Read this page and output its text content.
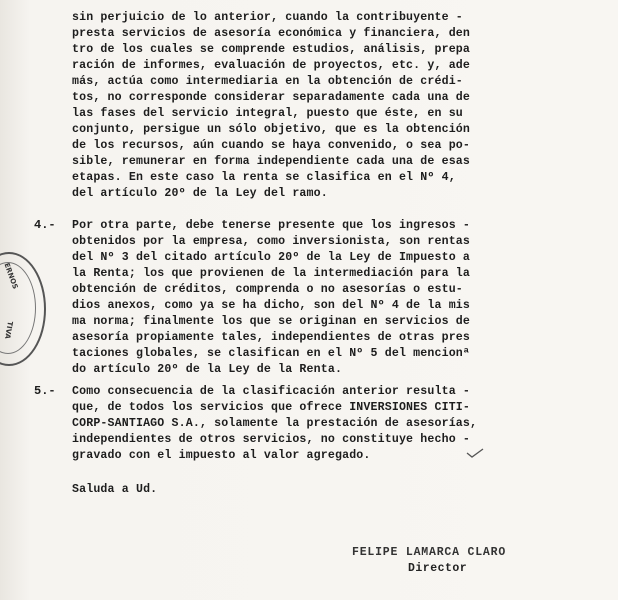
sin perjuicio de lo anterior, cuando la contribuyente -
presta servicios de asesoría económica y financiera, den
tro de los cuales se comprende estudios, análisis, prepa
ración de informes, evaluación de proyectos, etc. y, ade
más, actúa como intermediaria en la obtención de crédi-
tos, no corresponde considerar separadamente cada una de
las fases del servicio integral, puesto que éste, en su
conjunto, persigue un sólo objetivo, que es la obtención
de los recursos, aún cuando se haya convenido, o sea po-
sible, remunerar en forma independiente cada una de esas
etapas. En este caso la renta se clasifica en el Nº 4,
del artículo 20º de la Ley del ramo.
4.- Por otra parte, debe tenerse presente que los ingresos -
obtenidos por la empresa, como inversionista, son rentas
del Nº 3 del citado artículo 20º de la Ley de Impuesto a
la Renta; los que provienen de la intermediación para la
obtención de créditos, comprenda o no asesorías o estu-
dios anexos, como ya se ha dicho, son del Nº 4 de la mis
ma norma; finalmente los que se originan en servicios de
asesoría propiamente tales, independientes de otras pres
taciones globales, se clasifican en el Nº 5 del mencionª
do artículo 20º de la Ley de la Renta.
5.- Como consecuencia de la clasificación anterior resulta -
que, de todos los servicios que ofrece INVERSIONES CITI-
CORP-SANTIAGO S.A., solamente la prestación de asesorías,
independientes de otros servicios, no constituye hecho -
gravado con el impuesto al valor agregado.
Saluda a Ud.
FELIPE LAMARCA CLARO
Director
ERNOS
TIVA
